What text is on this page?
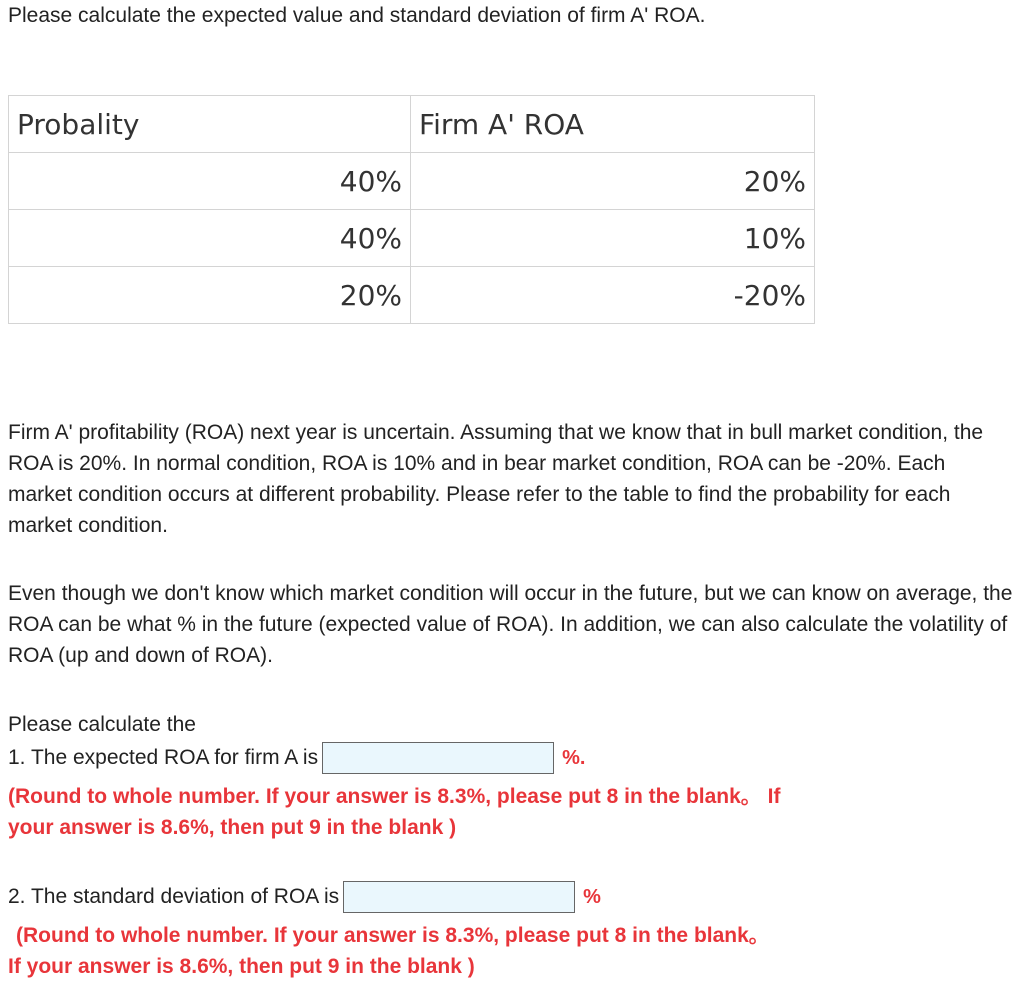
Please calculate the expected value and standard deviation of firm A' ROA.
Probality	Firm A' ROA
40%	20%
40%	10%
20%	-20%
Firm A' profitability (ROA) next year is uncertain. Assuming that we know that in bull market condition, the ROA is 20%. In normal condition, ROA is 10% and in bear market condition, ROA can be -20%. Each market condition occurs at different probability. Please refer to the table to find the probability for each market condition.
Even though we don't know which market condition will occur in the future, but we can know on average, the ROA can be what % in the future (expected value of ROA). In addition, we can also calculate the volatility of ROA (up and down of ROA).
Please calculate the
1. The expected ROA for firm A is	%.
(Round to whole number. If your answer is 8.3%, please put 8 in the blank。 If
your answer is 8.6%, then put 9 in the blank )
2. The standard deviation of ROA is	%
(Round to whole number. If your answer is 8.3%, please put 8 in the blank。
If your answer is 8.6%, then put 9 in the blank )
